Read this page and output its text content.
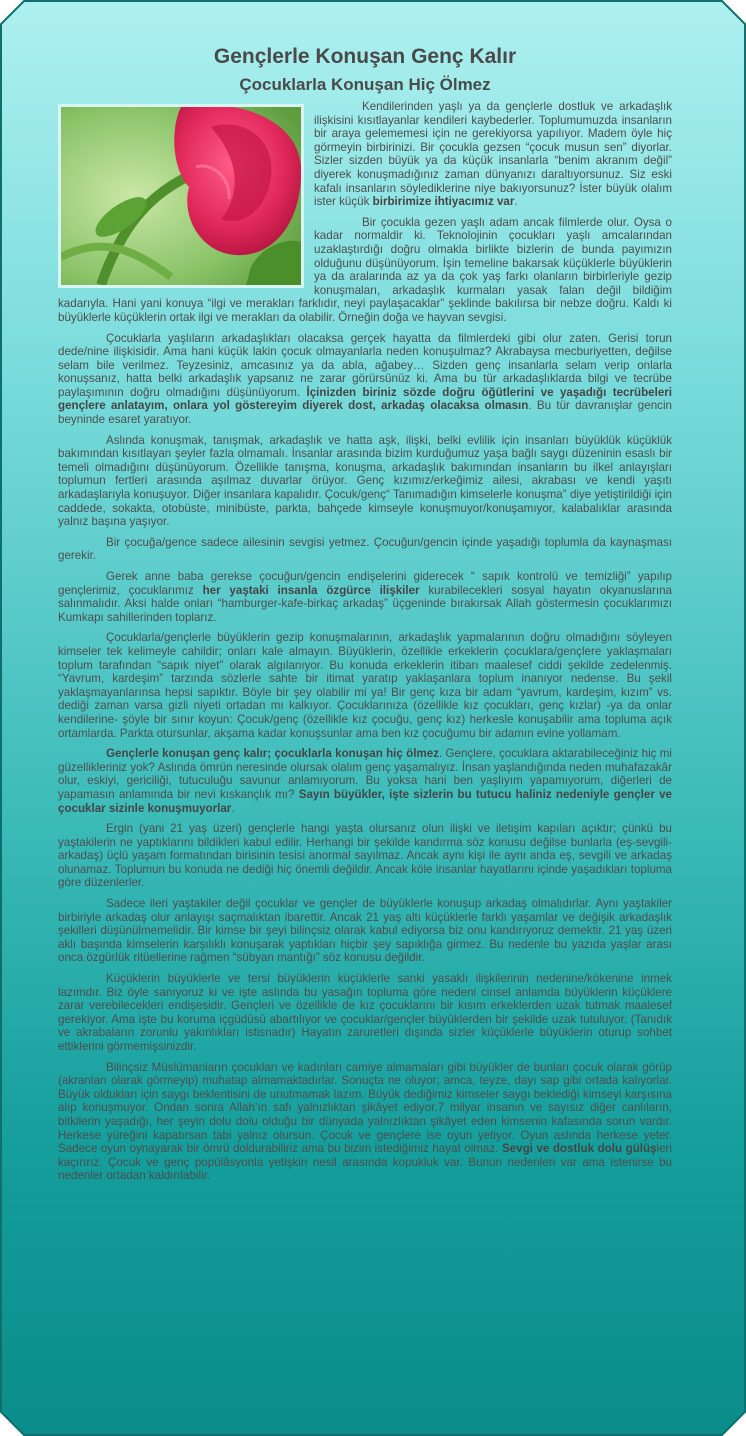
Gençlerle Konuşan Genç Kalır
Çocuklarla Konuşan Hiç Ölmez

Kendilerinden yaşlı ya da gençlerle dostluk ve arkadaşlık ilişkisini kısıtlayanlar kendileri kaybederler. Toplumumuzda insanların bir araya gelememesi için ne gerekiyorsa yapılıyor. Madem öyle hiç görmeyin birbirinizi. Bir çocukla gezsen “çocuk musun sen” diyorlar. Sizler sizden büyük ya da küçük insanlarla “benim akranım değil” diyerek konuşmadığınız zaman dünyanızı daraltıyorsunuz. Siz eski kafalı insanların söylediklerine niye bakıyorsunuz? İster büyük olalım ister küçük birbirimize ihtiyacımız var.

Bir çocukla gezen yaşlı adam ancak filmlerde olur. Oysa o kadar normaldir ki. Teknolojinin çocukları yaşlı amcalarından uzaklaştırdığı doğru olmakla birlikte bizlerin de bunda payımızın olduğunu düşünüyorum. İşin temeline bakarsak küçüklerle büyüklerin ya da aralarında az ya da çok yaş farkı olanların birbirleriyle gezip konuşmaları, arkadaşlık kurmaları yasak falan değil bildiğim kadarıyla. Hani yani konuya “ilgi ve merakları farklıdır, neyi paylaşacaklar” şeklinde bakılırsa bir nebze doğru. Kaldı ki büyüklerle küçüklerin ortak ilgi ve merakları da olabilir. Örneğin doğa ve hayvan sevgisi.

Çocuklarla yaşlıların arkadaşlıkları olacaksa gerçek hayatta da filmlerdeki gibi olur zaten. Gerisi torun dede/nine ilişkisidir. Ama hani küçük lakin çocuk olmayanlarla neden konuşulmaz? Akrabaysa mecburiyetten, değilse selam bile verilmez. Teyzesiniz, amcasınız ya da abla, ağabey… Sizden genç insanlarla selam verip onlarla konuşsanız, hatta belki arkadaşlık yapsanız ne zarar görürsünüz ki. Ama bu tür arkadaşlıklarda bilgi ve tecrübe paylaşımının doğru olmadığını düşünüyorum. İçinizden biriniz sözde doğru öğütlerini ve yaşadığı tecrübeleri gençlere anlatayım, onlara yol göstereyim diyerek dost, arkadaş olacaksa olmasın. Bu tür davranışlar gencin beyninde esaret yaratıyor.

Aslında konuşmak, tanışmak, arkadaşlık ve hatta aşk, ilişki, belki evlilik için insanları büyüklük küçüklük bakımından kısıtlayan şeyler fazla olmamalı. İnsanlar arasında bizim kurduğumuz yaşa bağlı saygı düzeninin esaslı bir temeli olmadığını düşünüyorum. Özellikle tanışma, konuşma, arkadaşlık bakımından insanların bu ilkel anlayışları toplumun fertleri arasında aşılmaz duvarlar örüyor. Genç kızımız/erkeğimiz ailesi, akrabası ve kendi yaşıtı arkadaşlarıyla konuşuyor. Diğer insanlara kapalıdır. Çocuk/genç“ Tanımadığın kimselerle konuşma” diye yetiştirildiği için caddede, sokakta, otobüste, minibüste, parkta, bahçede kimseyle konuşmuyor/konuşamıyor, kalabalıklar arasında yalnız başına yaşıyor.

Bir çocuğa/gence sadece ailesinin sevgisi yetmez. Çocuğun/gencin içinde yaşadığı toplumla da kaynaşması gerekir.

Gerek anne baba gerekse çocuğun/gencin endişelerini giderecek “ sapık kontrolü ve temizliği” yapılıp gençlerimiz, çocuklarımız her yaştaki insanla özgürce ilişkiler kurabilecekleri sosyal hayatın okyanuslarına salınmalıdır. Aksi halde onları “hamburger-kafe-birkaç arkadaş” üçgeninde bırakırsak Allah göstermesin çocuklarımızı Kumkapı sahillerinden toplarız.

Çocuklarla/gençlerle büyüklerin gezip konuşmalarının, arkadaşlık yapmalarının doğru olmadığını söyleyen kimseler tek kelimeyle cahildir; onları kale almayın. Büyüklerin, özellikle erkeklerin çocuklara/gençlere yaklaşmaları toplum tarafından “sapık niyet” olarak algılanıyor. Bu konuda erkeklerin itibarı maalesef ciddi şekilde zedelenmiş. “Yavrum, kardeşim” tarzında sözlerle sahte bir itimat yaratıp yaklaşanlara toplum inanıyor nedense. Bu şekil yaklaşmayanlarınsa hepsi sapıktır. Böyle bir şey olabilir mi ya! Bir genç kıza bir adam “yavrum, kardeşim, kızım” vs. dediği zaman varsa gizli niyeti ortadan mı kalkıyor. Çocuklarınıza (özellikle kız çocukları, genç kızlar) -ya da onlar kendilerine- şöyle bir sınır koyun: Çocuk/genç (özellikle kız çocuğu, genç kız) herkesle konuşabilir ama topluma açık ortamlarda. Parkta otursunlar, akşama kadar konuşsunlar ama ben kız çocuğumu bir adamın evine yollamam.

Gençlerle konuşan genç kalır; çocuklarla konuşan hiç ölmez. Gençlere, çocuklara aktarabileceğiniz hiç mi güzellikleriniz yok? Aslında ömrün neresinde olursak olalım genç yaşamalıyız. İnsan yaşlandığında neden muhafazakâr olur, eskiyi, gericiliği, tutuculuğu savunur anlamıyorum. Bu yoksa hani ben yaşlıyım yapamıyorum, diğerleri de yapamasın anlamında bir nevi kıskançlık mı? Sayın büyükler, işte sizlerin bu tutucu haliniz nedeniyle gençler ve çocuklar sizinle konuşmuyorlar.

Ergin (yani 21 yaş üzeri) gençlerle hangi yaşta olursanız olun ilişki ve iletişim kapıları açıktır; çünkü bu yaştakilerin ne yaptıklarını bildikleri kabul edilir. Herhangi bir şekilde kandırma söz konusu değilse bunlarla (eş-sevgili-arkadaş) üçlü yaşam formatından birisinin tesisi anormal sayılmaz. Ancak aynı kişi ile aynı anda eş, sevgili ve arkadaş olunamaz. Toplumun bu konuda ne dediği hiç önemli değildir. Ancak köle insanlar hayatlarını içinde yaşadıkları topluma göre düzenlerler.

Sadece ileri yaştakiler değil çocuklar ve gençler de büyüklerle konuşup arkadaş olmalıdırlar. Aynı yaştakiler birbiriyle arkadaş olur anlayışı saçmalıktan ibarettir. Ancak 21 yaş altı küçüklerle farklı yaşamlar ve değişik arkadaşlık şekilleri düşünülmemelidir. Bir kimse bir şeyi bilinçsiz olarak kabul ediyorsa biz onu kandırıyoruz demektir. 21 yaş üzeri aklı başında kimselerin karşılıklı konuşarak yaptıkları hiçbir şey sapıklığa girmez. Bu nedenle bu yazıda yaşlar arası onca özgürlük ritüellerine rağmen “sübyan mantığı” söz konusu değildir.

Küçüklerin büyüklerle ve tersi büyüklerin küçüklerle sanki yasaklı ilişkilerinin nedenine/kökenine inmek lazımdır. Biz öyle sanıyoruz ki ve işte aslında bu yasağın topluma göre nedeni cinsel anlamda büyüklerin küçüklere zarar verebilecekleri endişesidir. Gençleri ve özellikle de kız çocuklarını bir kısım erkeklerden uzak tutmak maalesef gerekiyor. Ama işte bu koruma içgüdüsü abartılıyor ve çocuklar/gençler büyüklerden bir şekilde uzak tutuluyor. (Tanıdık ve akrabaların zorunlu yakınlıkları istisnadır) Hayatın zaruretleri dışında sizler küçüklerle büyüklerin oturup sohbet ettiklerini görmemişsinizdir.

Bilinçsiz Müslümanların çocukları ve kadınları camiye almamaları gibi büyükler de bunları çocuk olarak görüp (akranları olarak görmeyip) muhatap almamaktadırlar. Sonuçta ne oluyor; amca, teyze, dayı sap gibi ortada kalıyorlar. Büyük oldukları için saygı beklentisini de unutmamak lazım. Büyük dediğimiz kimseler saygı beklediği kimseyi karşısına alıp konuşmuyor. Ondan sonra Allah’ın safı yalnızlıktan şikâyet ediyor.7 milyar insanın ve sayısız diğer canlıların, bitkilerin yaşadığı, her şeyin dolu dolu olduğu bir dünyada yalnızlıktan şikâyet eden kimsenin kafasında sorun vardır. Herkese yüreğini kapatırsan tabi yalnız olursun. Çocuk ve gençlere ise oyun yetiyor. Oyun aslında herkese yeter. Sadece oyun oynayarak bir ömrü doldurabiliriz ama bu bizim istediğimiz hayat olmaz. Sevgi ve dostluk dolu gülüşleri kaçırırız. Çocuk ve genç popülâsyonla yetişkin nesil arasında kopukluk var. Bunun nedenleri var ama istenirse bu nedenler ortadan kaldırılabilir.
